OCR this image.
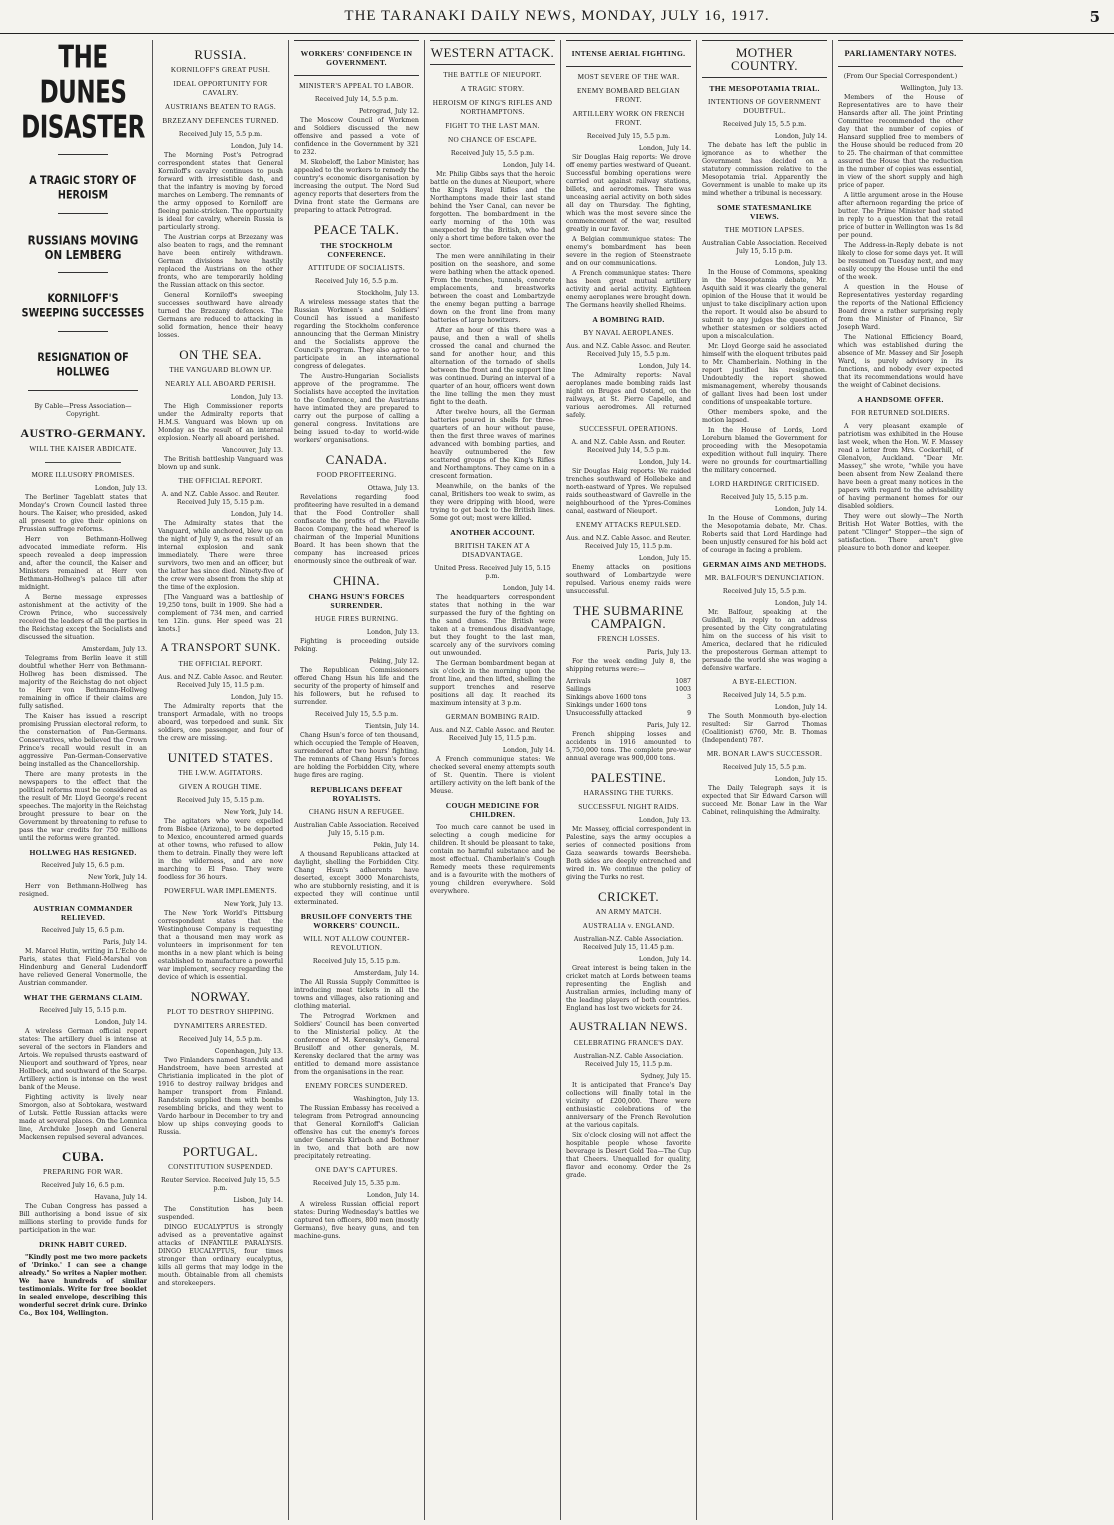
THE TARANAKI DAILY NEWS, MONDAY, JULY 16, 1917.	5
THE DUNES DISASTER
A TRAGIC STORY OF HEROISM
RUSSIANS MOVING ON LEMBERG
KORNILOFF'S SWEEPING SUCCESSES
RESIGNATION OF HOLLWEG
By Cable—Press Association—Copyright.
AUSTRO-GERMANY.
WILL THE KAISER ABDICATE.
MORE ILLUSORY PROMISES.
London, July 13.

The Berliner Tageblatt states that Monday's Crown Council lasted three hours. The Kaiser, who presided, asked all present to give their opinions on Prussian suffrage reforms.

Herr von Bethmann-Hollweg advocated immediate reform. His speech revealed a deep impression and, after the council, the Kaiser and Ministers remained at Herr von Bethmann-Hollweg's palace till after midnight.

A Berne message expresses astonishment at the activity of the Crown Prince, who successively received the leaders of all the parties in the Reichstag except the Socialists and discussed the situation.

Amsterdam, July 13.

Telegrams from Berlin leave it still doubtful whether Herr von Bethmann-Hollweg has been dismissed. The majority of the Reichstag do not object to Herr von Bethmann-Hollweg remaining in office if their claims are fully satisfied.

The Kaiser has issued a rescript promising Prussian electoral reform, to the consternation of Pan-Germans. Conservatives, who believed the Crown Prince's recall would result in an aggressive Pan-German-Conservative being installed as the Chancellorship.

There are many protests in the newspapers to the effect that the political reforms must be considered as the result of Mr. Lloyd George's recent speeches. The majority in the Reichstag brought pressure to bear on the Government by threatening to refuse to pass the war credits for 750 millions until the reforms were granted.

HOLLWEG HAS RESIGNED.
Received July 15, 6.5 p.m.
New York, July 14.

Herr von Bethmann-Hollweg has resigned.

AUSTRIAN COMMANDER RELIEVED.
Received July 15, 6.5 p.m.
Paris, July 14.

M. Marcel Hutin, writing in L'Echo de Paris, states that Field-Marshal von Hindenburg and General Ludendorff have relieved General Vonermolle, the Austrian commander.

WHAT THE GERMANS CLAIM.
Received July 15, 5.15 p.m.
London, July 14.

A wireless German official report states: The artillery duel is intense at several of the sectors in Flanders and Artois. We repulsed thrusts eastward of Nieuport and southward of Ypres, near Hollbeck, and southward of the Scarpe. Artillery action is intense on the west bank of the Meuse.

Fighting activity is lively near Smorgon, also at Sobtokara, westward of Lutsk. Fettle Russian attacks were made at several places. On the Lomnica line, Archduke Joseph and General Mackensen repulsed several advances.

CUBA.
PREPARING FOR WAR.
Received July 16, 6.5 p.m.
Havana, July 14.

The Cuban Congress has passed a Bill authorising a bond issue of six millions sterling to provide funds for participation in the war.

DRINK HABIT CURED.

"Kindly post me two more packets of 'Drinko.' I can see a change already." So writes a Napier mother. We have hundreds of similar testimonials. Write for free booklet in sealed envelope, describing this wonderful secret drink cure. Drinko Co., Box 104, Wellington.

RUSSIA.
KORNILOFF'S GREAT PUSH.
IDEAL OPPORTUNITY FOR CAVALRY.
AUSTRIANS BEATEN TO RAGS.
BRZEZANY DEFENCES TURNED.
Received July 15, 5.5 p.m.
London, July 14.

The Morning Post's Petrograd correspondent states that General Korniloff's cavalry continues to push forward with irresistible dash, and that the infantry is moving by forced marches on Lemberg. The remnants of the army opposed to Korniloff are fleeing panic-stricken. The opportunity is ideal for cavalry, wherein Russia is particularly strong.

The Austrian corps at Brzezany was also beaten to rags, and the remnant have been entirely withdrawn. German divisions have hastily replaced the Austrians on the other fronts, who are temporarily holding the Russian attack on this sector.

General Korniloff's sweeping successes southward have already turned the Brzezany defences. The Germans are reduced to attacking in solid formation, hence their heavy losses.

ON THE SEA.
THE VANGUARD BLOWN UP.
NEARLY ALL ABOARD PERISH.
London, July 13.

The High Commissioner reports under the Admiralty reports that H.M.S. Vanguard was blown up on Monday as the result of an internal explosion. Nearly all aboard perished.

Vancouver, July 13.

The British battleship Vanguard was blown up and sunk.

THE OFFICIAL REPORT.
A. and N.Z. Cable Assoc. and Reuter. Received July 15, 5.15 p.m.
London, July 14.

The Admiralty states that the Vanguard, while anchored, blew up on the night of July 9, as the result of an internal explosion and sank immediately. There were three survivors, two men and an officer, but the latter has since died. Ninety-five of the crew were absent from the ship at the time of the explosion.

[The Vanguard was a battleship of 19,250 tons, built in 1909. She had a complement of 734 men, and carried ten 12in. guns. Her speed was 21 knots.]

A TRANSPORT SUNK.
THE OFFICIAL REPORT.
Aus. and N.Z. Cable Assoc. and Reuter. Received July 15, 11.5 p.m.
London, July 15.

The Admiralty reports that the transport Armadale, with no troops aboard, was torpedoed and sunk. Six soldiers, one passenger, and four of the crew are missing.

UNITED STATES.
THE I.W.W. AGITATORS.
GIVEN A ROUGH TIME.
Received July 15, 5.15 p.m.
New York, July 14.

The agitators who were expelled from Bisbee (Arizona), to be deported to Mexico, encountered armed guards at other towns, who refused to allow them to detrain. Finally they were left in the wilderness, and are now marching to El Paso. They were foodless for 36 hours.

POWERFUL WAR IMPLEMENTS.
New York, July 13.

The New York World's Pittsburg correspondent states that the Westinghouse Company is requesting that a thousand men may work as volunteers in imprisonment for ten months in a new plant which is being established to manufacture a powerful war implement, secrecy regarding the device of which is essential.

NORWAY.
PLOT TO DESTROY SHIPPING.
DYNAMITERS ARRESTED.
Received July 14, 5.5 p.m.
Copenhagen, July 13.

Two Finlanders named Standvik and Handstroem, have been arrested at Christiania implicated in the plot of 1916 to destroy railway bridges and hamper transport from Finland. Randstein supplied them with bombs resembling bricks, and they went to Vardo harbour in December to try and blow up ships conveying goods to Russia.

PORTUGAL.
CONSTITUTION SUSPENDED.
Reuter Service. Received July 15, 5.5 p.m.
Lisbon, July 14.

The Constitution has been suspended.

DINGO EUCALYPTUS is strongly advised as a preventative against attacks of INFANTILE PARALYSIS. DINGO EUCALYPTUS, four times stronger than ordinary eucalyptus, kills all germs that may lodge in the mouth. Obtainable from all chemists and storekeepers.

WORKERS' CONFIDENCE IN GOVERNMENT.
MINISTER'S APPEAL TO LABOR.
Received July 14, 5.5 p.m.
Petrograd, July 12.

The Moscow Council of Workmen and Soldiers discussed the new offensive and passed a vote of confidence in the Government by 321 to 232.

M. Skobeloff, the Labor Minister, has appealed to the workers to remedy the country's economic disorganisation by increasing the output. The Nord Sud agency reports that deserters from the Dvina front state the Germans are preparing to attack Petrograd.

PEACE TALK.
THE STOCKHOLM CONFERENCE.
ATTITUDE OF SOCIALISTS.
Received July 16, 5.5 p.m.
Stockholm, July 13.

A wireless message states that the Russian Workmen's and Soldiers' Council has issued a manifesto regarding the Stockholm conference announcing that the German Ministry and the Socialists approve the Council's program. They also agree to participate in an international congress of delegates.

The Austro-Hungarian Socialists approve of the programme. The Socialists have accepted the invitation to the Conference, and the Austrians have intimated they are prepared to carry out the purpose of calling a general congress. Invitations are being issued to-day to world-wide workers' organisations.

CANADA.
FOOD PROFITEERING.
Ottawa, July 13.

Revelations regarding food profiteering have resulted in a demand that the Food Controller shall confiscate the profits of the Flavelle Bacon Company, the head whereof is chairman of the Imperial Munitions Board. It has been shown that the company has increased prices enormously since the outbreak of war.

CHINA.
CHANG HSUN'S FORCES SURRENDER.
HUGE FIRES BURNING.
London, July 13.

Fighting is proceeding outside Peking.

Peking, July 12.

The Republican Commissioners offered Chang Hsun his life and the security of the property of himself and his followers, but he refused to surrender.

Received July 15, 5.5 p.m.
Tientsin, July 14.

Chang Hsun's force of ten thousand, which occupied the Temple of Heaven, surrendered after two hours' fighting. The remnants of Chang Hsun's forces are holding the Forbidden City, where huge fires are raging.

REPUBLICANS DEFEAT ROYALISTS.
CHANG HSUN A REFUGEE.
Australian Cable Association. Received July 15, 5.15 p.m.
Pekin, July 14.

A thousand Republicans attacked at daylight, shelling the Forbidden City. Chang Hsun's adherents have deserted, except 3000 Monarchists, who are stubbornly resisting, and it is expected they will continue until exterminated.

BRUSILOFF CONVERTS THE WORKERS' COUNCIL.
WILL NOT ALLOW COUNTER-REVOLUTION.
Received July 15, 5.15 p.m.
Amsterdam, July 14.

The All Russia Supply Committee is introducing meat tickets in all the towns and villages, also rationing and clothing material.

The Petrograd Workmen and Soldiers' Council has been converted to the Ministerial policy. At the conference of M. Kerensky's, General Brusiloff and other generals, M. Kerensky declared that the army was entitled to demand more assistance from the organisations in the rear.

ENEMY FORCES SUNDERED.
Washington, July 13.

The Russian Embassy has received a telegram from Petrograd announcing that General Korniloff's Galician offensive has cut the enemy's forces under Generals Kirbach and Bothmer in two, and that both are now precipitately retreating.

ONE DAY'S CAPTURES.
Received July 15, 5.35 p.m.
London, July 14.

A wireless Russian official report states: During Wednesday's battles we captured ten officers, 800 men (mostly Germans), five heavy guns, and ten machine-guns.

WESTERN ATTACK.
THE BATTLE OF NIEUPORT.
A TRAGIC STORY.
HEROISM OF KING'S RIFLES AND NORTHAMPTONS.
FIGHT TO THE LAST MAN.
NO CHANCE OF ESCAPE.
Received July 15, 5.5 p.m.
London, July 14.

Mr. Philip Gibbs says that the heroic battle on the dunes at Nieuport, where the King's Royal Rifles and the Northamptons made their last stand behind the Yser Canal, can never be forgotten. The bombardment in the early morning of the 10th was unexpected by the British, who had only a short time before taken over the sector.

The men were annihilating in their position on the seashore, and some were bathing when the attack opened. From the trenches, tunnels, concrete emplacements, and breastworks between the coast and Lombartzyde the enemy began putting a barrage down on the front line from many batteries of large howitzers.

After an hour of this there was a pause, and then a wall of shells crossed the canal and churned the sand for another hour, and this alternation of the tornado of shells between the front and the support line was continued. During an interval of a quarter of an hour, officers went down the line telling the men they must fight to the death.

After twelve hours, all the German batteries poured in shells for three-quarters of an hour without pause, then the first three waves of marines advanced with bombing parties, and heavily outnumbered the few scattered groups of the King's Rifles and Northamptons. They came on in a crescent formation.

Meanwhile, on the banks of the canal, Britishers too weak to swim, as they were dripping with blood, were trying to get back to the British lines. Some got out; most were killed.

ANOTHER ACCOUNT.
BRITISH TAKEN AT A DISADVANTAGE.
United Press. Received July 15, 5.15 p.m.
London, July 14.

The headquarters correspondent states that nothing in the war surpassed the fury of the fighting on the sand dunes. The British were taken at a tremendous disadvantage, but they fought to the last man, scarcely any of the survivors coming out unwounded.

The German bombardment began at six o'clock in the morning upon the front line, and then lifted, shelling the support trenches and reserve positions all day. It reached its maximum intensity at 3 p.m.

GERMAN BOMBING RAID.
Aus. and N.Z. Cable Assoc. and Reuter. Received July 15, 11.5 p.m.
London, July 14.

A French communique states: We checked several enemy attempts south of St. Quentin. There is violent artillery activity on the left bank of the Meuse.

COUGH MEDICINE FOR CHILDREN.

Too much care cannot be used in selecting a cough medicine for children. It should be pleasant to take, contain no harmful substance and be most effectual. Chamberlain's Cough Remedy meets these requirements and is a favourite with the mothers of young children everywhere. Sold everywhere.

INTENSE AERIAL FIGHTING.
MOST SEVERE OF THE WAR.
ENEMY BOMBARD BELGIAN FRONT.
ARTILLERY WORK ON FRENCH FRONT.
Received July 15, 5.5 p.m.
London, July 14.

Sir Douglas Haig reports: We drove off enemy parties westward of Queant. Successful bombing operations were carried out against railway stations, billets, and aerodromes. There was unceasing aerial activity on both sides all day on Thursday. The fighting, which was the most severe since the commencement of the war, resulted greatly in our favor.

A Belgian communique states: The enemy's bombardment has been severe in the region of Steenstraete and on our communications.

A French communique states: There has been great mutual artillery activity and aerial activity. Eighteen enemy aeroplanes were brought down. The Germans heavily shelled Rheims.

A BOMBING RAID.
BY NAVAL AEROPLANES.
Aus. and N.Z. Cable Assoc. and Reuter. Received July 15, 5.5 p.m.
London, July 14.

The Admiralty reports: Naval aeroplanes made bombing raids last night on Bruges and Ostend, on the railways, at St. Pierre Capelle, and various aerodromes. All returned safely.

SUCCESSFUL OPERATIONS.
A. and N.Z. Cable Assn. and Reuter. Received July 14, 5.5 p.m.
London, July 14.

Sir Douglas Haig reports: We raided trenches southward of Hollebeke and north-eastward of Ypres. We repulsed raids southeastward of Gavrelle in the neighbourhood of the Ypres-Comines canal, eastward of Nieuport.

ENEMY ATTACKS REPULSED.
Aus. and N.Z. Cable Assoc. and Reuter. Received July 15, 11.5 p.m.
London, July 15.

Enemy attacks on positions southward of Lombartzyde were repulsed. Various enemy raids were unsuccessful.

THE SUBMARINE CAMPAIGN.
FRENCH LOSSES.
Paris, July 13.

For the week ending July 8, the shipping returns were:—

Arrivals	1087
Sailings	1003
Sinkings above 1600 tons	3
Sinkings under 1600 tons
Unsuccessfully attacked	9
Paris, July 12.

French shipping losses and accidents in 1916 amounted to 5,750,000 tons. The complete pre-war annual average was 900,000 tons.

PALESTINE.
HARASSING THE TURKS.
SUCCESSFUL NIGHT RAIDS.
London, July 13.

Mr. Massey, official correspondent in Palestine, says the army occupies a series of connected positions from Gaza seawards towards Beersheba. Both sides are deeply entrenched and wired in. We continue the policy of giving the Turks no rest.

CRICKET.
AN ARMY MATCH.
AUSTRALIA v. ENGLAND.
Australian-N.Z. Cable Association. Received July 15, 11.45 p.m.
London, July 14.

Great interest is being taken in the cricket match at Lords between teams representing the English and Australian armies, including many of the leading players of both countries. England has lost two wickets for 24.

AUSTRALIAN NEWS.
CELEBRATING FRANCE'S DAY.
Australian-N.Z. Cable Association. Received July 15, 11.5 p.m.
Sydney, July 15.

It is anticipated that France's Day collections will finally total in the vicinity of £200,000. There were enthusiastic celebrations of the anniversary of the French Revolution at the various capitals.

Six o'clock closing will not affect the hospitable people whose favorite beverage is Desert Gold Tea—The Cup that Cheers. Unequalled for quality, flavor and economy. Order the 2s grade.

MOTHER COUNTRY.
THE MESOPOTAMIA TRIAL.
INTENTIONS OF GOVERNMENT DOUBTFUL.
Received July 15, 5.5 p.m.
London, July 14.

The debate has left the public in ignorance as to whether the Government has decided on a statutory commission relative to the Mesopotamia trial. Apparently the Government is unable to make up its mind whether a tribunal is necessary.

SOME STATESMANLIKE VIEWS.
THE MOTION LAPSES.
Australian Cable Association. Received July 15, 5.15 p.m.
London, July 13.

In the House of Commons, speaking in the Mesopotamia debate, Mr. Asquith said it was clearly the general opinion of the House that it would be unjust to take disciplinary action upon the report. It would also be absurd to submit to any judges the question of whether statesmen or soldiers acted upon a miscalculation.

Mr. Lloyd George said he associated himself with the eloquent tributes paid to Mr. Chamberlain. Nothing in the report justified his resignation. Undoubtedly the report showed mismanagement, whereby thousands of gallant lives had been lost under conditions of unspeakable torture.

Other members spoke, and the motion lapsed.

In the House of Lords, Lord Loreburn blamed the Government for proceeding with the Mesopotamia expedition without full inquiry. There were no grounds for courtmartialling the military concerned.

LORD HARDINGE CRITICISED.
Received July 15, 5.15 p.m.
London, July 14.

In the House of Commons, during the Mesopotamia debate, Mr. Chas. Roberts said that Lord Hardinge had been unjustly censured for his bold act of courage in facing a problem.

GERMAN AIMS AND METHODS.
MR. BALFOUR'S DENUNCIATION.
Received July 15, 5.5 p.m.
London, July 14.

Mr. Balfour, speaking at the Guildhall, in reply to an address presented by the City congratulating him on the success of his visit to America, declared that he ridiculed the preposterous German attempt to persuade the world she was waging a defensive warfare.

A BYE-ELECTION.
Received July 14, 5.5 p.m.
London, July 14.

The South Monmouth bye-election resulted: Sir Garrod Thomas (Coalitionist) 6760, Mr. B. Thomas (Independent) 787.

MR. BONAR LAW'S SUCCESSOR.
Received July 15, 5.5 p.m.
London, July 15.

The Daily Telegraph says it is expected that Sir Edward Carson will succeed Mr. Bonar Law in the War Cabinet, relinquishing the Admiralty.

PARLIAMENTARY NOTES.
(From Our Special Correspondent.)
Wellington, July 13.

Members of the House of Representatives are to have their Hansards after all. The joint Printing Committee recommended the other day that the number of copies of Hansard supplied free to members of the House should be reduced from 20 to 25. The chairman of that committee assured the House that the reduction in the number of copies was essential, in view of the short supply and high price of paper.

A little argument arose in the House after afternoon regarding the price of butter. The Prime Minister had stated in reply to a question that the retail price of butter in Wellington was 1s 8d per pound.

The Address-in-Reply debate is not likely to close for some days yet. It will be resumed on Tuesday next, and may easily occupy the House until the end of the week.

A question in the House of Representatives yesterday regarding the reports of the National Efficiency Board drew a rather surprising reply from the Minister of Finance, Sir Joseph Ward.

The National Efficiency Board, which was established during the absence of Mr. Massey and Sir Joseph Ward, is purely advisory in its functions, and nobody ever expected that its recommendations would have the weight of Cabinet decisions.

A HANDSOME OFFER.
FOR RETURNED SOLDIERS.

A very pleasant example of patriotism was exhibited in the House last week, when the Hon. W. F. Massey read a letter from Mrs. Cockerhill, of Glenalvon, Auckland. "Dear Mr. Massey," she wrote, "while you have been absent from New Zealand there have been a great many notices in the papers with regard to the advisability of having permanent homes for our disabled soldiers.

They were out slowly—The North British Hot Water Bottles, with the patent "Clinger" Stopper—the sign of satisfaction. There aren't give pleasure to both donor and keeper.
